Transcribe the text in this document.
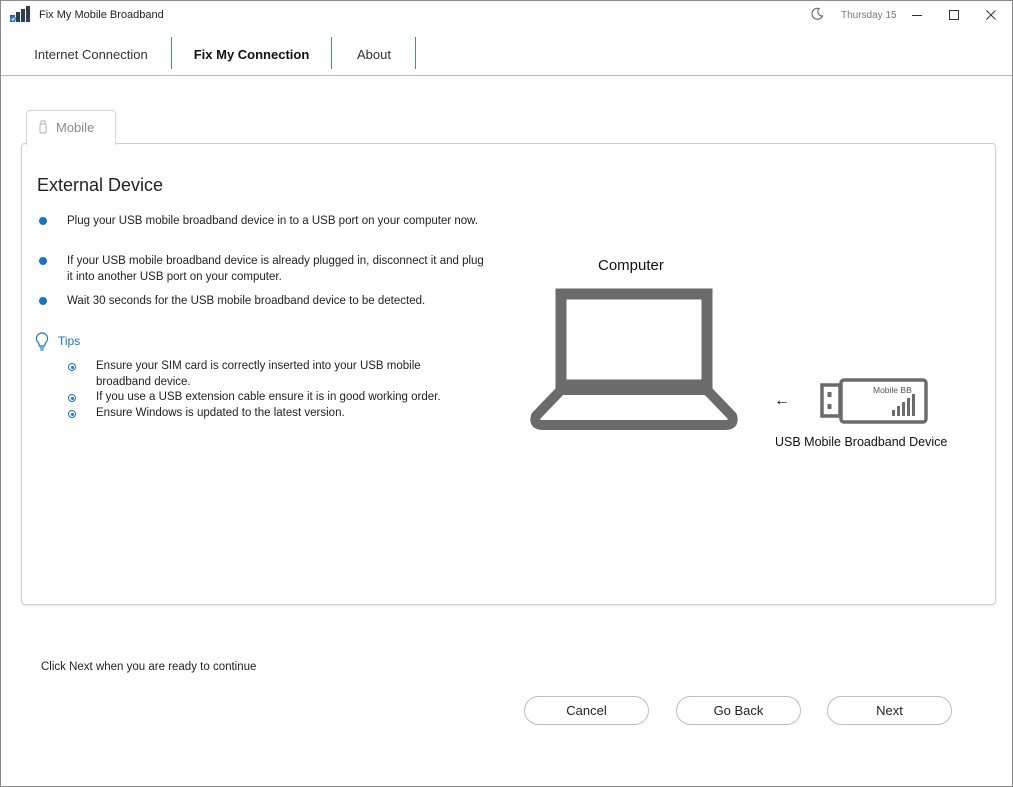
Fix My Mobile Broadband	Thursday 15
Internet Connection	Fix My Connection	About
Mobile
External Device
Plug your USB mobile broadband device in to a USB port on your computer now.
If your USB mobile broadband device is already plugged in, disconnect it and plug it into another USB port on your computer.
Wait 30 seconds for the USB mobile broadband device to be detected.
Tips
Ensure your SIM card is correctly inserted into your USB mobile broadband device.
If you use a USB extension cable ensure it is in good working order.
Ensure Windows is updated to the latest version.
Computer
←
Mobile BB
USB Mobile Broadband Device
Click Next when you are ready to continue
Cancel	Go Back	Next
